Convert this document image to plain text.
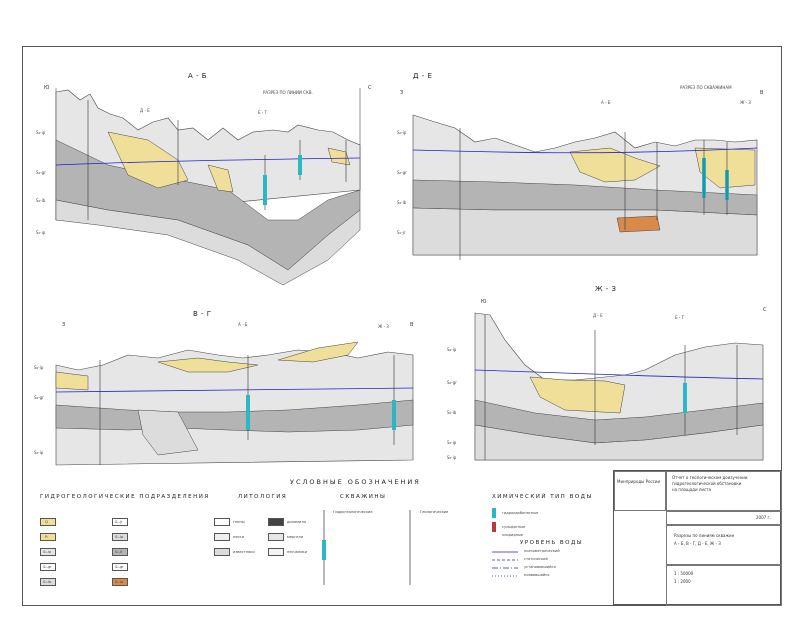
А - Б
Ю	С
РАЗРЕЗ ПО ЛИНИИ СКВ.
Д - Е	Е - Т
S₂-ip
S₂-gr
S₂-ib
S₁-ip
Д - Е
З	В
РАЗРЕЗ ПО СКВАЖИНАМ
А - Б	Ж - З
S₂-ip
S₂-gr
S₂-ib
S₁-jr
В - Г
З	В
А - Б	Ж - З
S₂-ip
S₂-gr
S₂-ip
Ж - З
Ю
С
Д - Е	Е - Т
S₂-ip
S₂-gr
S₂-ib
S₂-ip
S₂-ip
УСЛОВНЫЕ ОБОЗНАЧЕНИЯ
ГИДРОГЕОЛОГИЧЕСКИЕ ПОДРАЗДЕЛЕНИЯ	ЛИТОЛОГИЯ	СКВАЖИНЫ	ХИМИЧЕСКИЙ ТИП ВОДЫ
УРОВЕНЬ ВОДЫ
Q
P₁
S₂-ip
S₂-gr
S₂-ib
S₁-jr
S₁-ip
S₁-lt
S₂-gr
S₁-ip
глины
пески
известняки
доломиты
мергели
песчаники
Гидрогеологические	Геологические	гидрокарбонатные
сульфатные
хлоридные
пьезометрический
статический
установившийся
появившийся
Минприроды России
Отчет о геологическом доизучении
гидрогеологической обстановки
на площади листа
2007 г.
Разрезы по линиям скважин
А - Б, В - Г, Д - Е, Ж - З
1 : 50000
1 : 2000
